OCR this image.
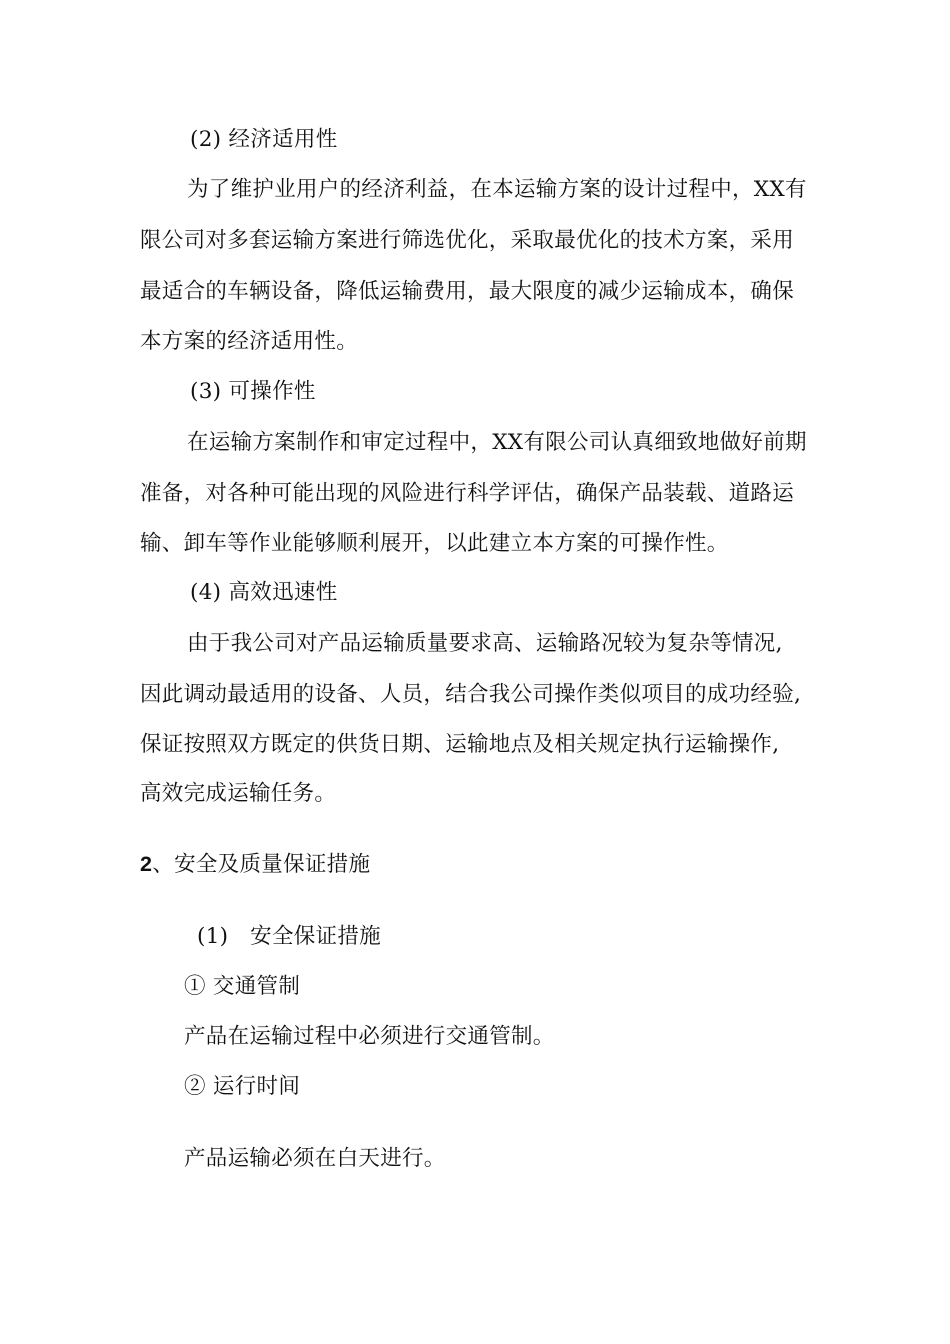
(2) 经济适用性
为了维护业用户的经济利益，在本运输方案的设计过程中，XX有
限公司对多套运输方案进行筛选优化，采取最优化的技术方案，采用
最适合的车辆设备，降低运输费用，最大限度的减少运输成本，确保
本方案的经济适用性。
(3) 可操作性
在运输方案制作和审定过程中，XX有限公司认真细致地做好前期
准备，对各种可能出现的风险进行科学评估，确保产品装载、道路运
输、卸车等作业能够顺利展开，以此建立本方案的可操作性。
(4) 高效迅速性
由于我公司对产品运输质量要求高、运输路况较为复杂等情况,
因此调动最适用的设备、人员，结合我公司操作类似项目的成功经验,
保证按照双方既定的供货日期、运输地点及相关规定执行运输操作,
高效完成运输任务。
2、安全及质量保证措施
(1)　安全保证措施
① 交通管制
产品在运输过程中必须进行交通管制。
② 运行时间
产品运输必须在白天进行。
